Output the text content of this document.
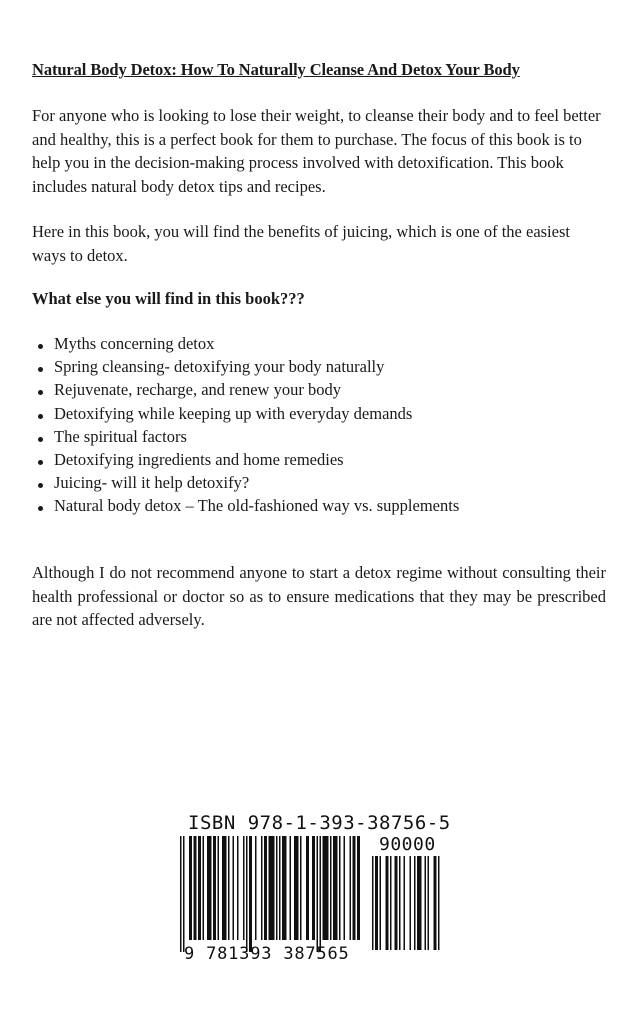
Natural Body Detox: How To Naturally Cleanse And Detox Your Body

For anyone who is looking to lose their weight, to cleanse their body and to feel better and healthy, this is a perfect book for them to purchase. The focus of this book is to help you in the decision-making process involved with detoxification. This book includes natural body detox tips and recipes.

Here in this book, you will find the benefits of juicing, which is one of the easiest ways to detox.

What else you will find in this book???
Myths concerning detox
Spring cleansing- detoxifying your body naturally
Rejuvenate, recharge, and renew your body
Detoxifying while keeping up with everyday demands
The spiritual factors
Detoxifying ingredients and home remedies
Juicing- will it help detoxify?
Natural body detox – The old-fashioned way vs. supplements

Although I do not recommend anyone to start a detox regime without consulting their health professional or doctor so as to ensure medications that they may be prescribed are not affected adversely.

ISBN 978-1-393-38756-5
90000
9 781393 387565
